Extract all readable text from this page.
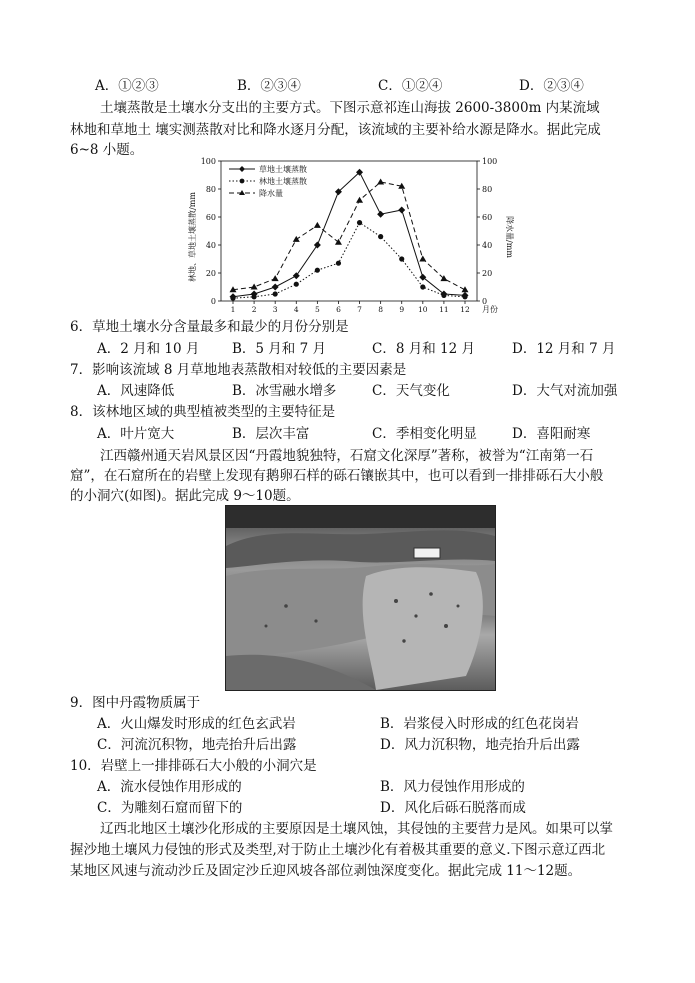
A．①②③	B．②③④	C．①②④	D．②③④
土壤蒸散是土壤水分支出的主要方式。下图示意祁连山海拔 2600-3800m 内某流域
林地和草地土 壤实测蒸散对比和降水逐月分配，该流域的主要补给水源是降水。据此完成
6~8 小题。
0	0
20	20
40	40
60	60
80	80
100	100
1 2 3 4 5 6 7 8 9 10 11 12
草地土壤蒸散
林地土壤蒸散
降水量
林地、草地土壤蒸散/mm	降水量/mm
月份
6．草地土壤水分含量最多和最少的月份分别是
A．2 月和 10 月 B．5 月和 7 月	C．8 月和 12 月	D．12 月和 7 月
7．影响该流域 8 月草地地表蒸散相对较低的主要因素是
A．风速降低	B．冰雪融水增多	C．天气变化	D．大气对流加强
8．该林地区域的典型植被类型的主要特征是
A．叶片宽大	B．层次丰富	C．季相变化明显	D．喜阳耐寒
江西赣州通天岩风景区因“丹霞地貌独特，石窟文化深厚”著称，被誉为“江南第一石
窟”，在石窟所在的岩壁上发现有鹅卵石样的砾石镶嵌其中，也可以看到一排排砾石大小般
的小洞穴(如图)。据此完成 9～10题。
9．图中丹霞物质属于
A．火山爆发时形成的红色玄武岩	B．岩浆侵入时形成的红色花岗岩
C．河流沉积物，地壳抬升后出露	D．风力沉积物，地壳抬升后出露
10．岩壁上一排排砾石大小般的小洞穴是
A．流水侵蚀作用形成的	B．风力侵蚀作用形成的
C．为雕刻石窟而留下的	D．风化后砾石脱落而成
辽西北地区土壤沙化形成的主要原因是土壤风蚀，其侵蚀的主要营力是风。如果可以掌
握沙地土壤风力侵蚀的形式及类型,对于防止土壤沙化有着极其重要的意义.下图示意辽西北
某地区风速与流动沙丘及固定沙丘迎风坡各部位剥蚀深度变化。据此完成 11～12题。
